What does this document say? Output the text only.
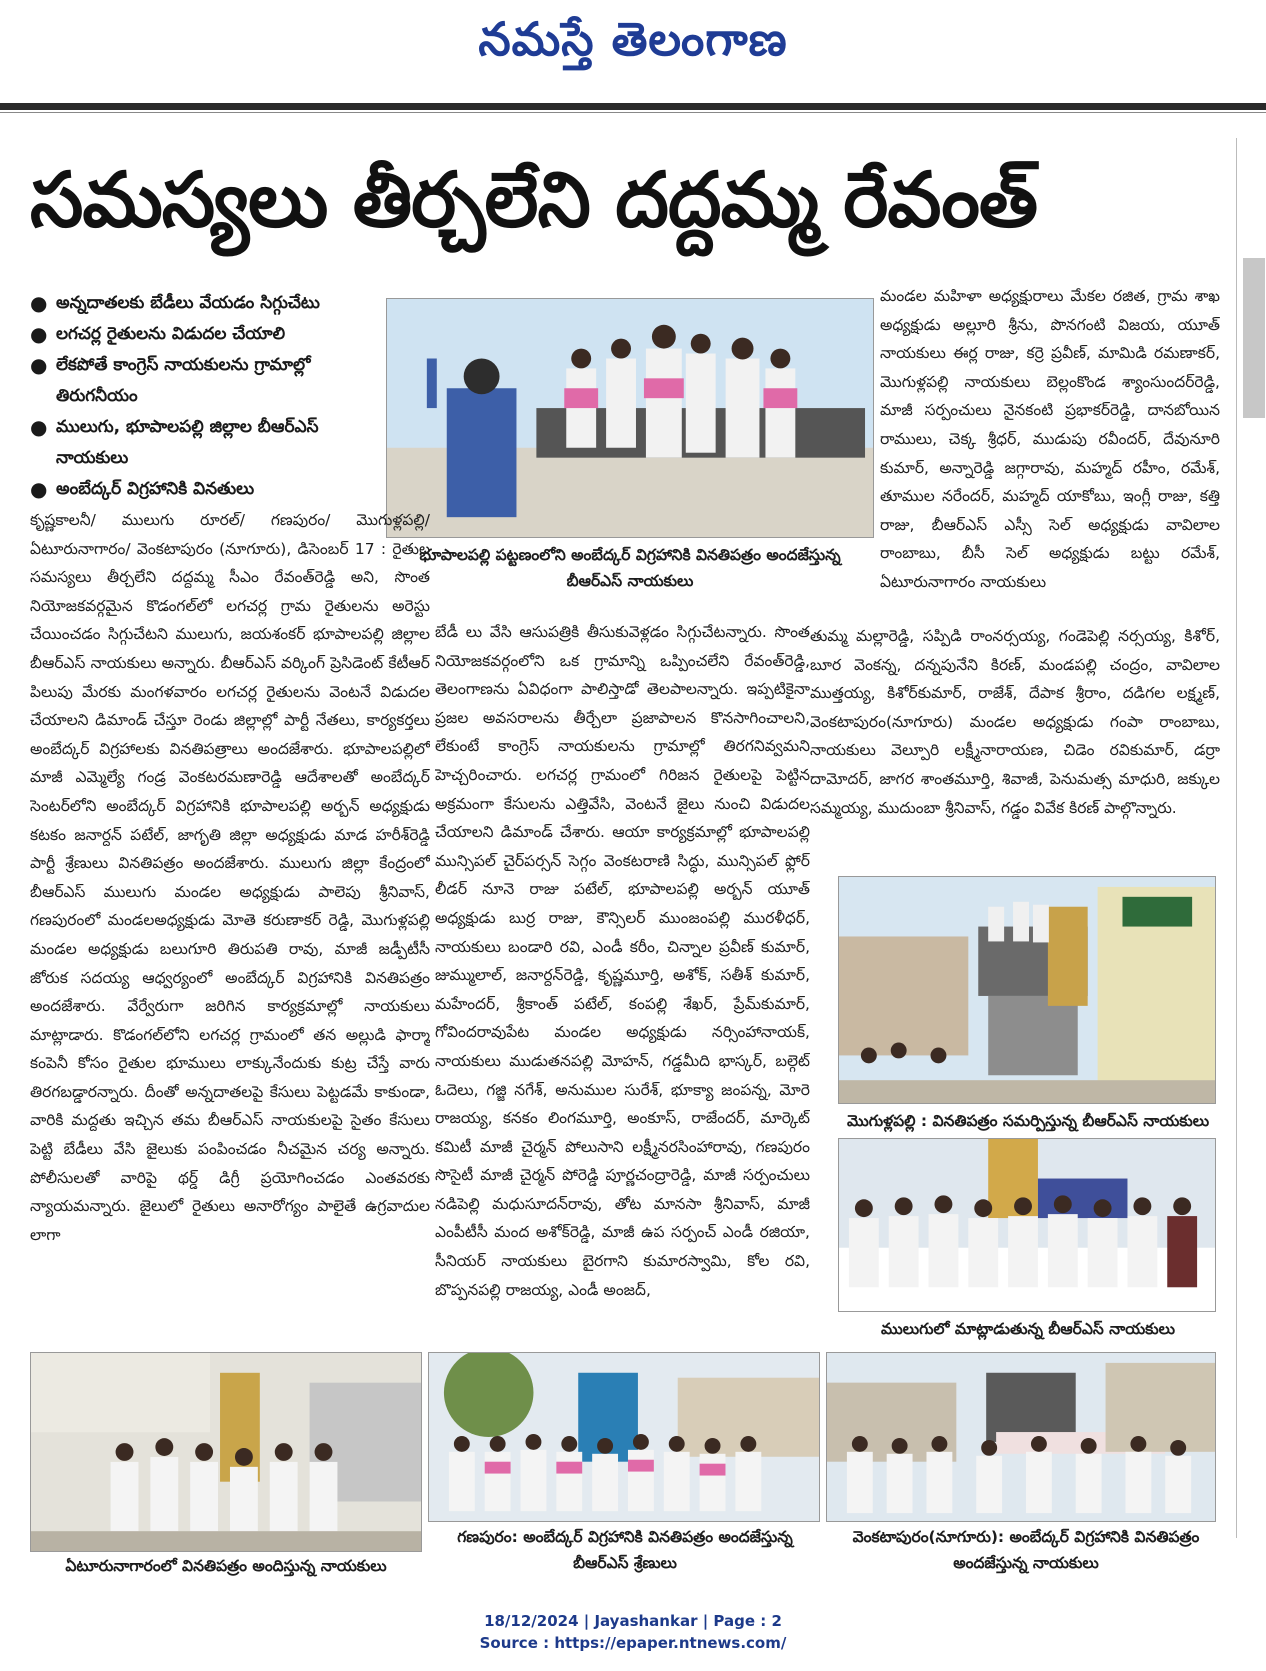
నమస్తే తెలంగాణ
సమస్యలు తీర్చలేని దద్దమ్మ రేవంత్
● అన్నదాతలకు బేడీలు వేయడం సిగ్గుచేటు
● లగచర్ల రైతులను విడుదల చేయాలి
● లేకపోతే కాంగ్రెస్ నాయకులను గ్రామాల్లో తిరుగనీయం
● ములుగు, భూపాలపల్లి జిల్లాల బీఆర్ఎస్ నాయకులు
● అంబేద్కర్ విగ్రహానికి వినతులు
భూపాలపల్లి పట్టణంలోని అంబేద్కర్ విగ్రహానికి వినతిపత్రం అందజేస్తున్న బీఆర్ఎస్ నాయకులు
కృష్ణకాలనీ/ ములుగు రూరల్/ గణపురం/ మొగుళ్లపల్లి/ ఏటూరునాగారం/ వెంకటాపురం (నూగూరు), డిసెంబర్ 17 : రైతుల సమస్యలు తీర్చలేని దద్దమ్మ సీఎం రేవంత్‌రెడ్డి అని, సొంత నియోజకవర్గమైన కొడంగల్‌లో లగచర్ల గ్రామ రైతులను అరెస్టు చేయించడం సిగ్గుచేటని ములుగు, జయశంకర్ భూపాలపల్లి జిల్లాల బీఆర్ఎస్ నాయకులు అన్నారు. బీఆర్ఎస్ వర్కింగ్ ప్రెసిడెంట్ కేటీఆర్ పిలుపు మేరకు మంగళవారం లగచర్ల రైతులను వెంటనే విడుదల చేయాలని డిమాండ్ చేస్తూ రెండు జిల్లాల్లో పార్టీ నేతలు, కార్యకర్తలు అంబేద్కర్ విగ్రహాలకు వినతిపత్రాలు అందజేశారు. భూపాలపల్లిలో మాజీ ఎమ్మెల్యే గండ్ర వెంకటరమణారెడ్డి ఆదేశాలతో అంబేద్కర్ సెంటర్‌లోని అంబేద్కర్ విగ్రహానికి భూపాలపల్లి అర్బన్ అధ్యక్షుడు కటకం జనార్దన్ పటేల్, జాగృతి జిల్లా అధ్యక్షుడు మాడ హరీశ్‌రెడ్డి పార్టీ శ్రేణులు వినతిపత్రం అందజేశారు. ములుగు జిల్లా కేంద్రంలో బీఆర్ఎస్ ములుగు మండల అధ్యక్షుడు పాలెపు శ్రీనివాస్, గణపురంలో మండలఅధ్యక్షుడు మోతె కరుణాకర్ రెడ్డి, మొగుళ్లపల్లి మండల అధ్యక్షుడు బలుగూరి తిరుపతి రావు, మాజీ జడ్పీటీసీ జోరుక సదయ్య ఆధ్వర్యంలో అంబేద్కర్ విగ్రహానికి వినతిపత్రం అందజేశారు. వేర్వేరుగా జరిగిన కార్యక్రమాల్లో నాయకులు మాట్లాడారు. కొడంగల్‌లోని లగచర్ల గ్రామంలో తన అల్లుడి ఫార్మా కంపెనీ కోసం రైతుల భూములు లాక్కునేందుకు కుట్ర చేస్తే వారు తిరగబడ్డారన్నారు. దీంతో అన్నదాతలపై కేసులు పెట్టడమే కాకుండా, వారికి మద్దతు ఇచ్చిన తమ బీఆర్ఎస్ నాయకులపై సైతం కేసులు పెట్టి బేడీలు వేసి జైలుకు పంపించడం నీచమైన చర్య అన్నారు. పోలీసులతో వారిపై థర్డ్ డిగ్రీ ప్రయోగించడం ఎంతవరకు న్యాయమన్నారు. జైలులో రైతులు అనారోగ్యం పాలైతే ఉగ్రవాదుల లాగా
బేడీ లు వేసి ఆసుపత్రికి తీసుకువెళ్లడం సిగ్గుచేటన్నారు. సొంత నియోజకవర్గంలోని ఒక గ్రామాన్ని ఒప్పించలేని రేవంత్‌రెడ్డి, తెలంగాణను ఏవిధంగా పాలిస్తాడో తెలపాలన్నారు. ఇప్పటికైనా ప్రజల అవసరాలను తీర్చేలా ప్రజాపాలన కొనసాగించాలని, లేకుంటే కాంగ్రెస్ నాయకులను గ్రామాల్లో తిరగనివ్వమని హెచ్చరించారు. లగచర్ల గ్రామంలో గిరిజన రైతులపై పెట్టిన అక్రమంగా కేసులను ఎత్తివేసి, వెంటనే జైలు నుంచి విడుదల చేయాలని డిమాండ్ చేశారు. ఆయా కార్యక్రమాల్లో భూపాలపల్లి మున్సిపల్ చైర్‌పర్సన్ సెగ్గం వెంకటరాణి సిద్ధు, మున్సిపల్ ఫ్లోర్ లీడర్ నూనె రాజు పటేల్, భూపాలపల్లి అర్బన్ యూత్ అధ్యక్షుడు బుర్ర రాజు, కౌన్సిలర్ ముంజంపల్లి మురళీధర్, నాయకులు బండారి రవి, ఎండీ కరీం, చిన్నాల ప్రవీణ్ కుమార్, జుమ్ములాల్, జనార్దన్‌రెడ్డి, కృష్ణమూర్తి, అశోక్, సతీశ్ కుమార్, మహేందర్, శ్రీకాంత్ పటేల్, కంపల్లి శేఖర్, ప్రేమ్‌కుమార్, గోవిందరావుపేట మండల అధ్యక్షుడు నర్సింహానాయక్, నాయకులు ముడుతనపల్లి మోహన్, గడ్డమీది భాస్కర్, బల్గెట్ ఓదెలు, గజ్జి నగేశ్, అనుముల సురేశ్, భూక్యా జంపన్న, మోరె రాజయ్య, కనకం లింగమూర్తి, అంకూస్, రాజేందర్, మార్కెట్ కమిటీ మాజీ చైర్మన్ పోలుసాని లక్ష్మీనరసింహారావు, గణపురం సొసైటీ మాజీ చైర్మన్ పోరెడ్డి పూర్ణచంద్రారెడ్డి, మాజీ సర్పంచులు నడిపెల్లి మధుసూదన్‌రావు, తోట మానసా శ్రీనివాస్, మాజీ ఎంపీటీసీ మంద అశోక్‌రెడ్డి, మాజీ ఉప సర్పంచ్ ఎండీ రజియా, సీనియర్ నాయకులు బైరగాని కుమారస్వామి, కోల రవి, బొప్పనపల్లి రాజయ్య, ఎండీ అంజద్,
మండల మహిళా అధ్యక్షురాలు మేకల రజిత, గ్రామ శాఖ అధ్యక్షుడు అల్లూరి శ్రీను, పొనగంటి విజయ, యూత్ నాయకులు ఈర్ల రాజు, కర్రె ప్రవీణ్, మామిడి రమణాకర్, మొగుళ్లపల్లి నాయకులు బెల్లంకొండ శ్యాంసుందర్‌రెడ్డి, మాజీ సర్పంచులు నైనకంటి ప్రభాకర్‌రెడ్డి, దానబోయిన రాములు, చెక్క శ్రీధర్, ముడుపు రవీందర్, దేవునూరి కుమార్, అన్నారెడ్డి జగ్గారావు, మహ్మద్ రహీం, రమేశ్, తూముల నరేందర్, మహ్మద్ యాకోబు, ఇంగ్లీ రాజు, కత్తి రాజు, బీఆర్ఎస్ ఎస్సీ సెల్ అధ్యక్షుడు వావిలాల రాంబాబు, బీసీ సెల్ అధ్యక్షుడు బట్టు రమేశ్, ఏటూరునాగారం నాయకులు
తుమ్మ మల్లారెడ్డి, సప్పిడి రాంనర్సయ్య, గండెపెల్లి నర్సయ్య, కిశోర్, బూర వెంకన్న, దన్నపునేని కిరణ్, మండపల్లి చంద్రం, వావిలాల ముత్తయ్య, కిశోర్‌కుమార్, రాజేశ్, దేపాక శ్రీరాం, దడిగల లక్ష్మణ్, వెంకటాపురం(నూగూరు) మండల అధ్యక్షుడు గంపా రాంబాబు, నాయకులు వెల్పూరి లక్ష్మీనారాయణ, చిడెం రవికుమార్, డర్రా దామోదర్, జాగర శాంతమూర్తి, శివాజీ, పెనుమత్స మాధురి, జక్కుల సమ్మయ్య, ముదుంబా శ్రీనివాస్, గడ్డం వివేక కిరణ్ పాల్గొన్నారు.
మొగుళ్లపల్లి : వినతిపత్రం సమర్పిస్తున్న బీఆర్ఎస్ నాయకులు
ములుగులో మాట్లాడుతున్న బీఆర్ఎస్ నాయకులు
ఏటూరునాగారంలో వినతిపత్రం అందిస్తున్న నాయకులు
గణపురం: అంబేద్కర్ విగ్రహానికి వినతిపత్రం అందజేస్తున్న బీఆర్ఎస్ శ్రేణులు
వెంకటాపురం(నూగూరు): అంబేద్కర్ విగ్రహానికి వినతిపత్రం అందజేస్తున్న నాయకులు
18/12/2024 | Jayashankar | Page : 2
Source : https://epaper.ntnews.com/
